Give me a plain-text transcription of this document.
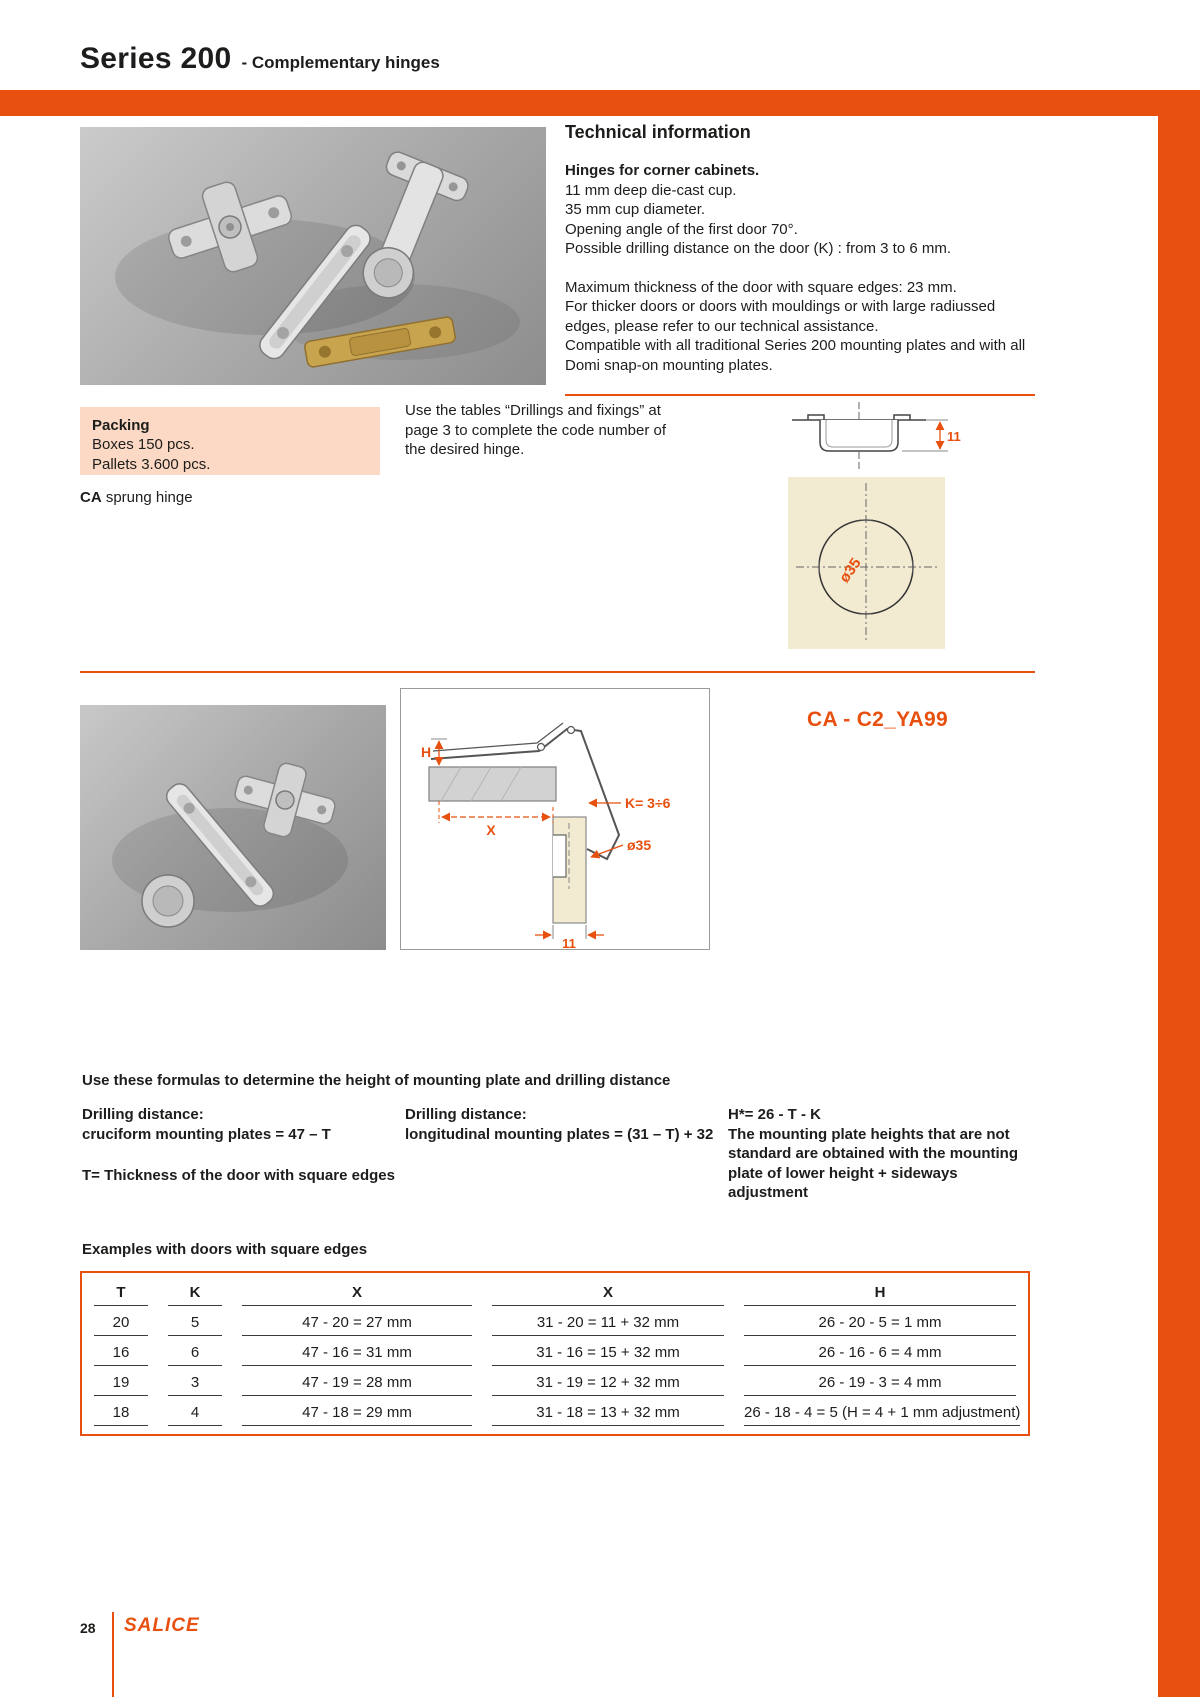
Series 200 - Complementary hinges
Technical information
Hinges for corner cabinets.
11 mm deep die-cast cup.
35 mm cup diameter.
Opening angle of the first door 70°.
Possible drilling distance on the door (K) : from 3 to 6 mm.
Maximum thickness of the door with square edges: 23 mm.
For thicker doors or doors with mouldings or with large radiussed edges, please refer to our technical assistance.
Compatible with all traditional Series 200 mounting plates and with all Domi snap-on mounting plates.
Packing
Boxes 150 pcs.
Pallets 3.600 pcs.
CA sprung hinge
Use the tables “Drillings and fixings” at page 3 to complete the code number of the desired hinge.
11
ø35
H
X
K= 3÷6
ø35
11
CA - C2_YA99
Use these formulas to determine the height of mounting plate and drilling distance
Drilling distance:
cruciform mounting plates = 47 – T
Drilling distance:
longitudinal mounting plates = (31 – T) + 32
H*= 26 - T - K
The mounting plate heights that are not standard are obtained with the mounting plate of lower height + sideways adjustment
T= Thickness of the door with square edges
Examples with doors with square edges
T	K	X	X	H
20	5	47 - 20 = 27 mm	31 - 20 = 11 + 32 mm	26 - 20 - 5 = 1 mm
16	6	47 - 16 = 31 mm	31 - 16 = 15 + 32 mm	26 - 16 - 6 = 4 mm
19	3	47 - 19 = 28 mm	31 - 19 = 12 + 32 mm	26 - 19 - 3 = 4 mm
18	4	47 - 18 = 29 mm	31 - 18 = 13 + 32 mm	26 - 18 - 4 = 5 (H = 4 + 1 mm adjustment)
28 SALICE
